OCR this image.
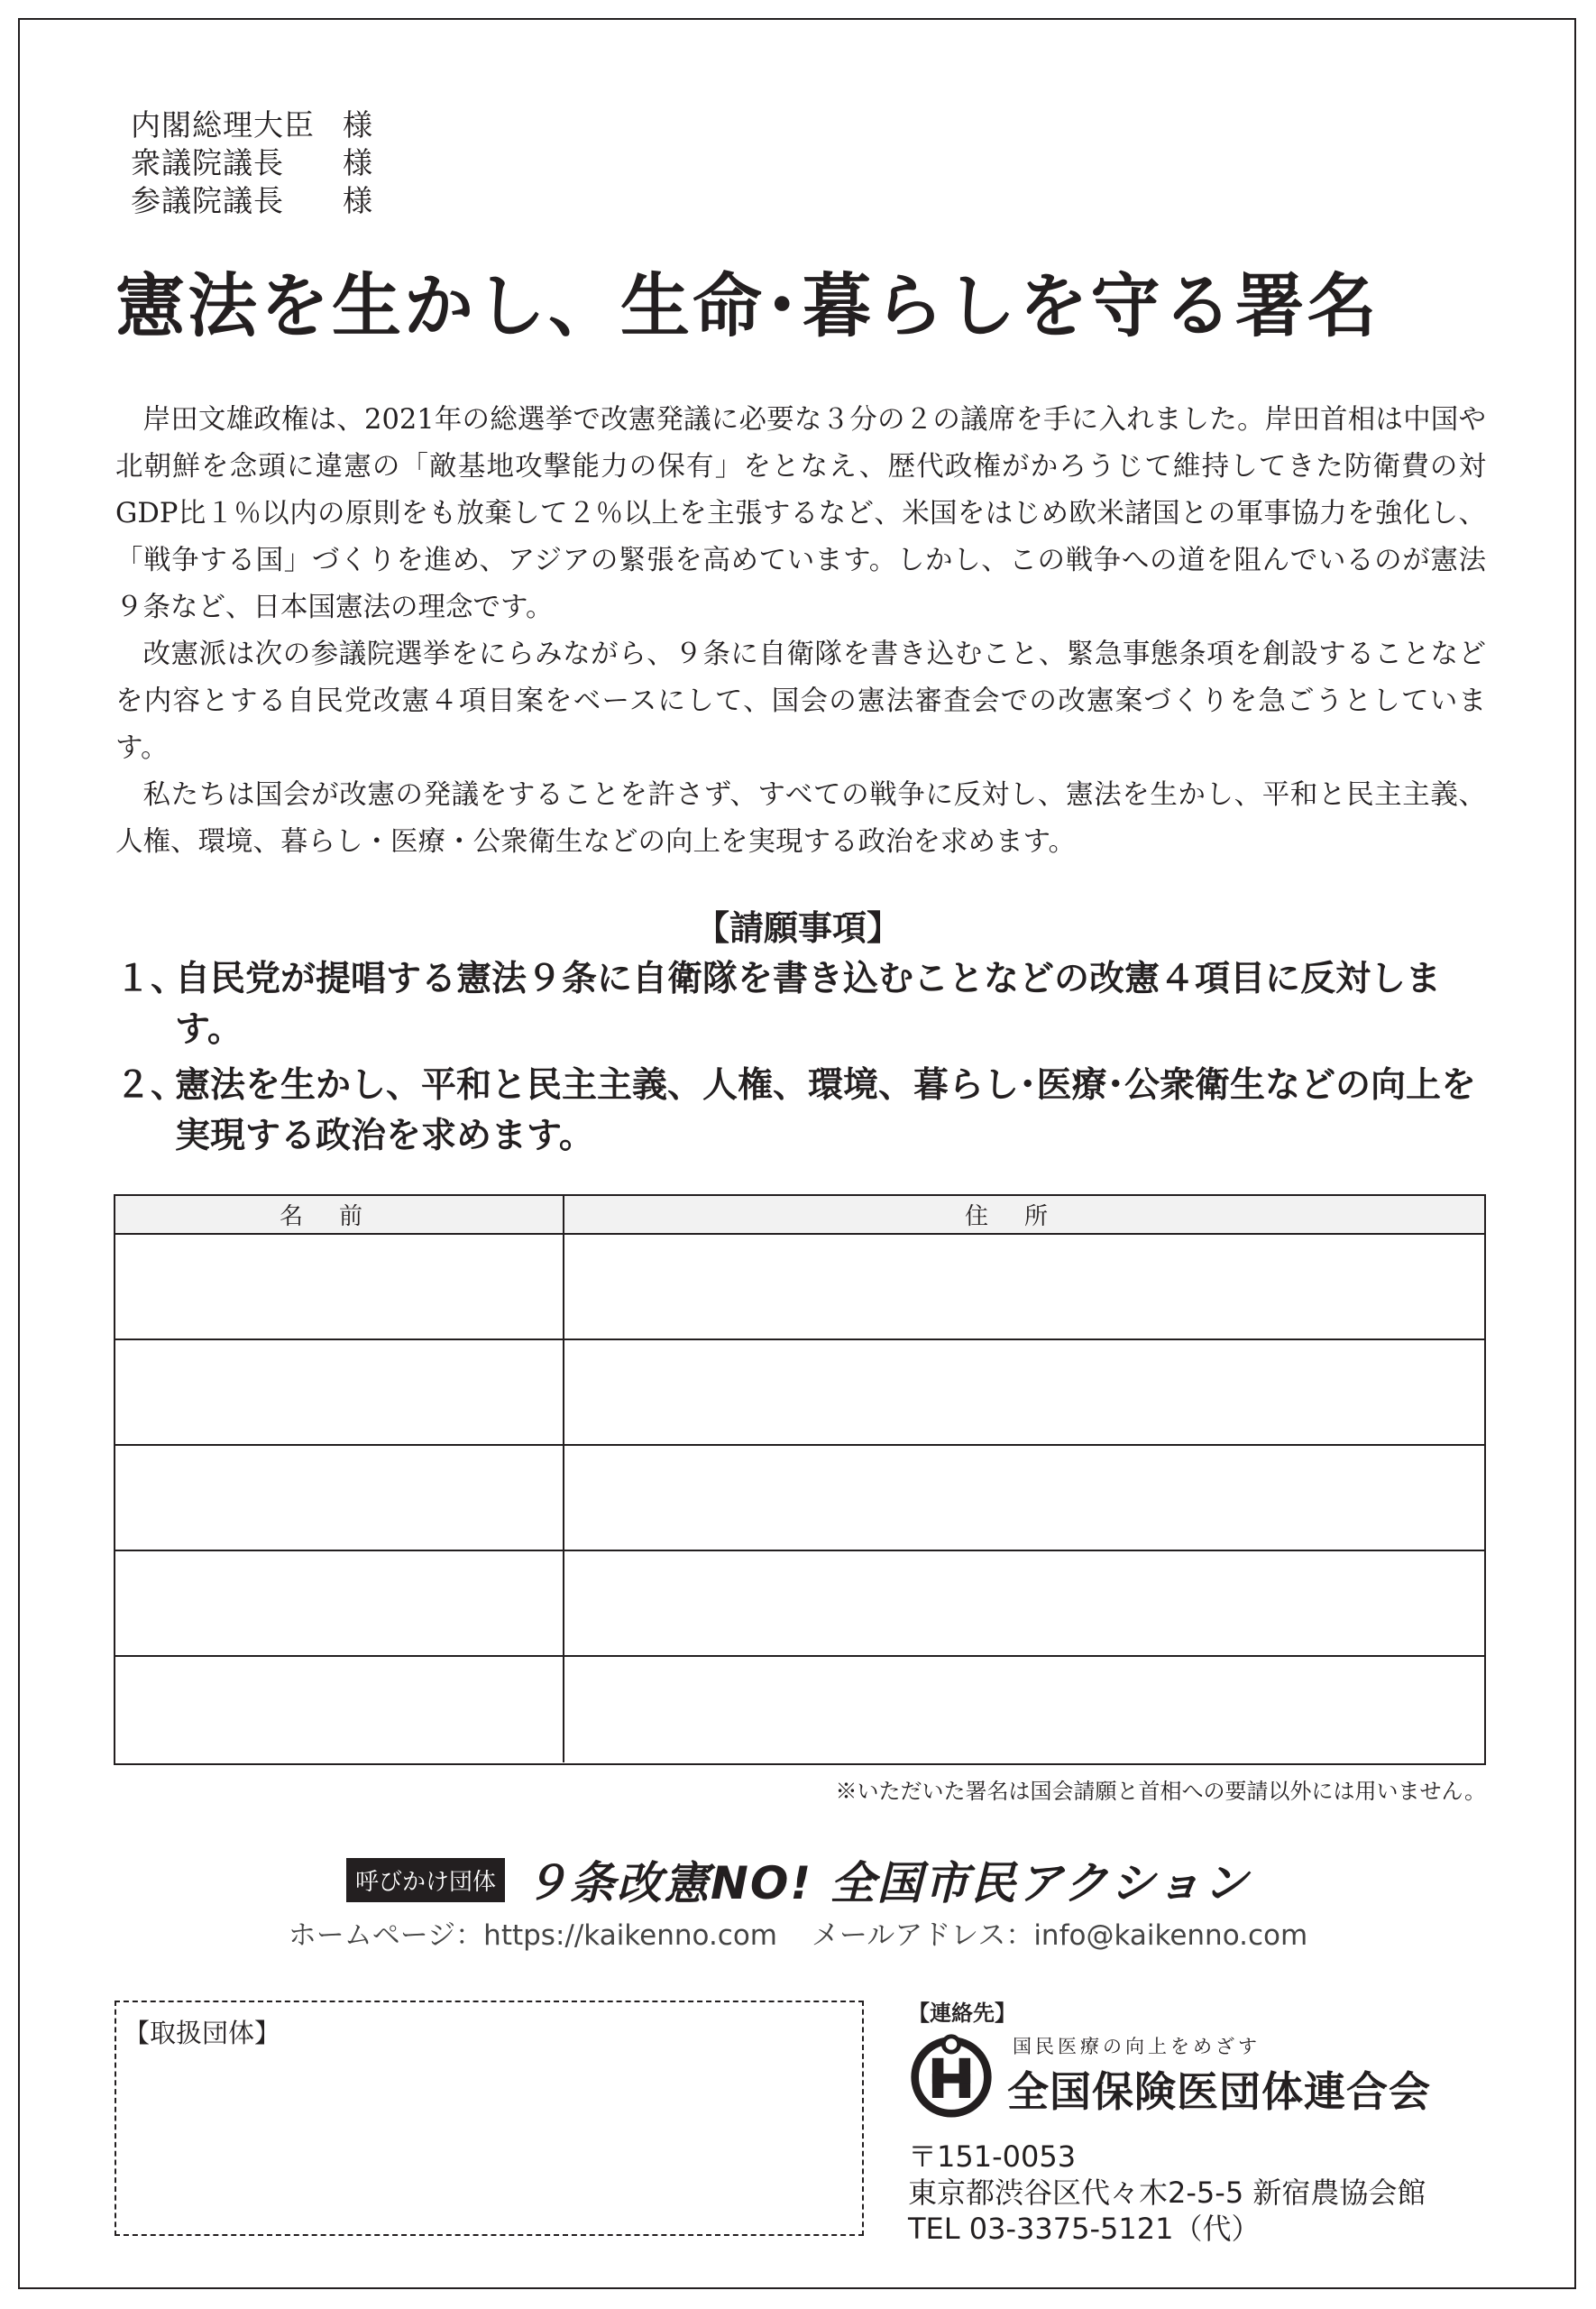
内閣総理大臣 様
衆議院議長	様
参議院議長	様
憲法を生かし、生命･暮らしを守る署名

岸田文雄政権は、2021年の総選挙で改憲発議に必要な３分の２の議席を手に入れました。岸田首相は中国や北朝鮮を念頭に違憲の「敵基地攻撃能力の保有」をとなえ、歴代政権がかろうじて維持してきた防衛費の対GDP比１％以内の原則をも放棄して２％以上を主張するなど、米国をはじめ欧米諸国との軍事協力を強化し、「戦争する国」づくりを進め、アジアの緊張を高めています。しかし、この戦争への道を阻んでいるのが憲法９条など、日本国憲法の理念です。

改憲派は次の参議院選挙をにらみながら、９条に自衛隊を書き込むこと、緊急事態条項を創設することなどを内容とする自民党改憲４項目案をベースにして、国会の憲法審査会での改憲案づくりを急ごうとしています。

私たちは国会が改憲の発議をすることを許さず、すべての戦争に反対し、憲法を生かし、平和と民主主義、人権、環境、暮らし・医療・公衆衛生などの向上を実現する政治を求めます。

【請願事項】
１、
自民党が提唱する憲法９条に自衛隊を書き込むことなどの改憲４項目に反対します。
２、
憲法を生かし、平和と民主主義、人権、環境、暮らし･医療･公衆衛生などの向上を実現する政治を求めます。
名前	住所
※いただいた署名は国会請願と首相への要請以外には用いません。
呼びかけ団体 ９条改憲NO! 全国市民アクション
ホームページ：https://kaikenno.com メールアドレス：info@kaikenno.com
【取扱団体】
【連絡先】
国民医療の向上をめざす
全国保険医団体連合会
〒151-0053
東京都渋谷区代々木2-5-5 新宿農協会館
TEL 03-3375-5121（代）
